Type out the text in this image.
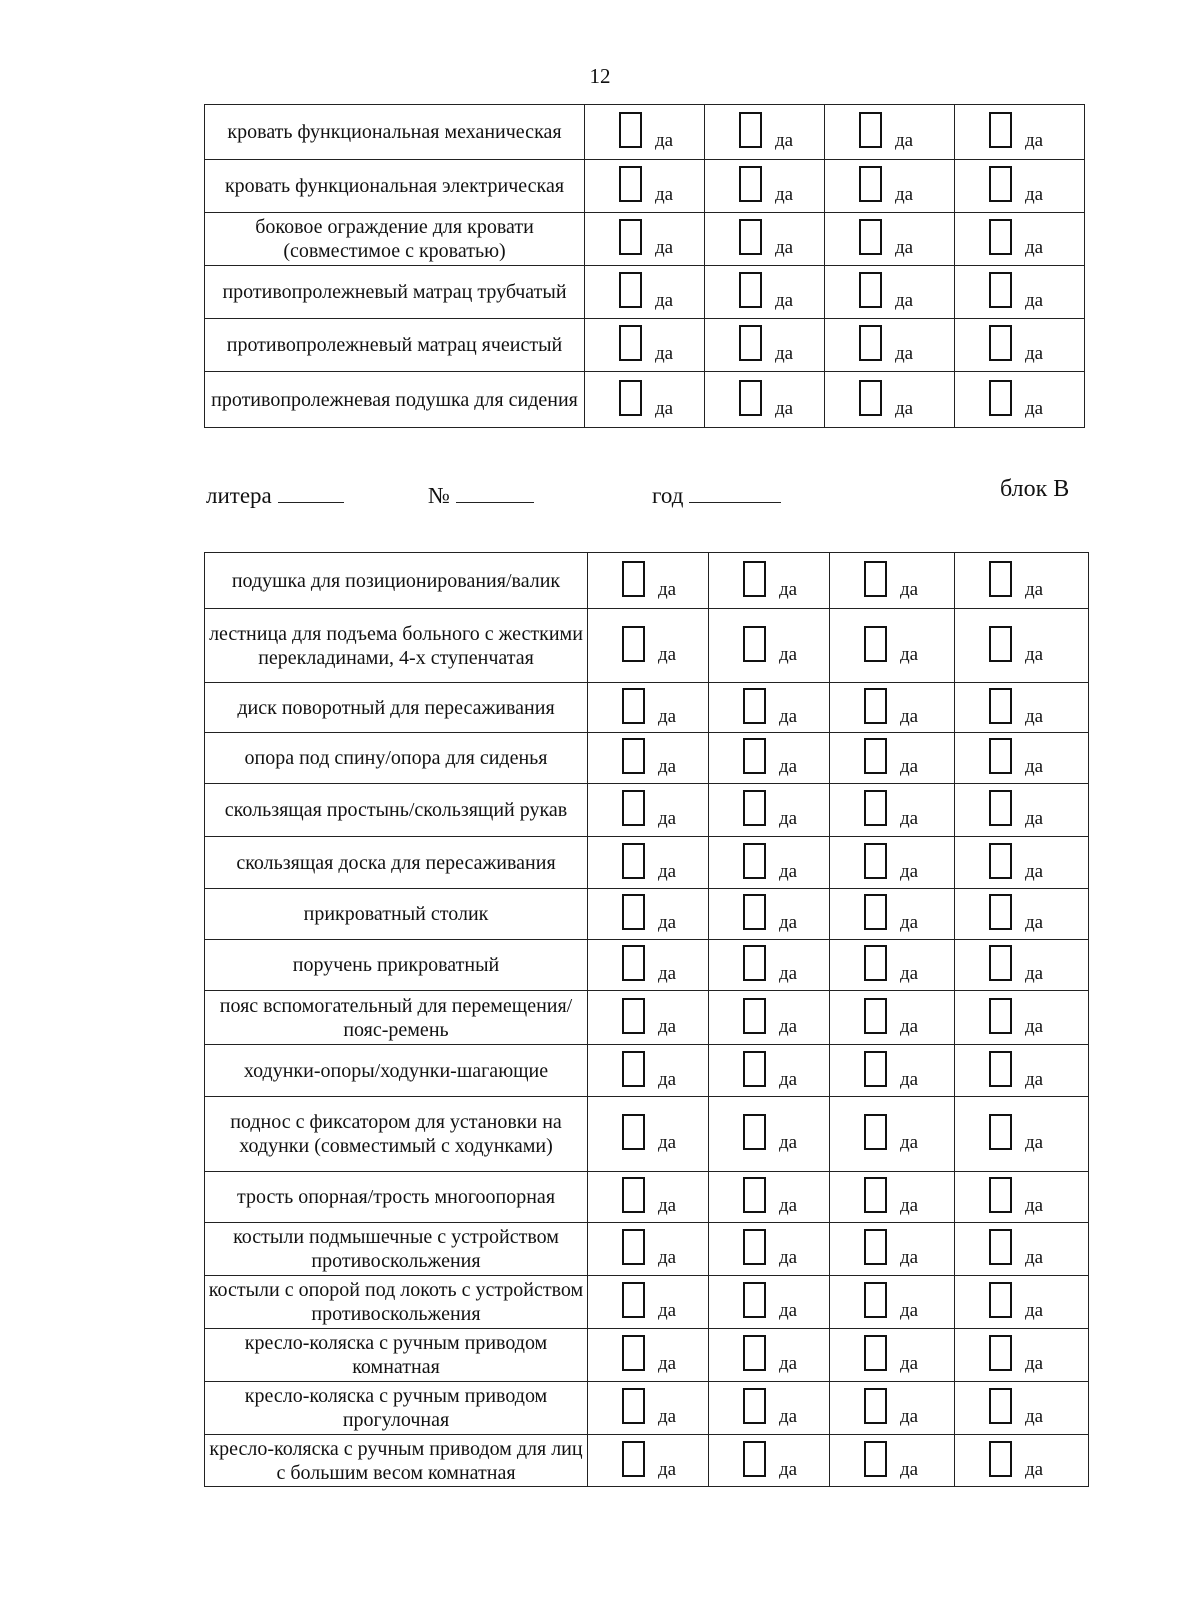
12
кровать функциональная механическая	да	да	да	да

кровать функциональная электрическая	да	да	да	да

боковое ограждение для кровати (совместимое с кроватью)	да	да	да	да

противопролежневый матрац трубчатый	да	да	да	да

противопролежневый матрац ячеистый	да	да	да	да

противопролежневая подушка для сидения	да	да	да	да
литера	№	год	блок В
подушка для позиционирования/валик	да	да	да	да

лестница для подъема больного с жесткими перекладинами, 4-х ступенчатая	да	да	да	да

диск поворотный для пересаживания	да	да	да	да

опора под спину/опора для сиденья	да	да	да	да

скользящая простынь/скользящий рукав	да	да	да	да

скользящая доска для пересаживания	да	да	да	да

прикроватный столик	да	да	да	да

поручень прикроватный	да	да	да	да

пояс вспомогательный для перемещения/пояс-ремень	да	да	да	да

ходунки-опоры/ходунки-шагающие	да	да	да	да

поднос с фиксатором для установки на ходунки (совместимый с ходунками)	да	да	да	да

трость опорная/трость многоопорная	да	да	да	да

костыли подмышечные с устройством противоскольжения	да	да	да	да

костыли с опорой под локоть с устройством противоскольжения	да	да	да	да

кресло-коляска с ручным приводом комнатная	да	да	да	да

кресло-коляска с ручным приводом прогулочная	да	да	да	да

кресло-коляска с ручным приводом для лиц с большим весом комнатная	да	да	да	да
